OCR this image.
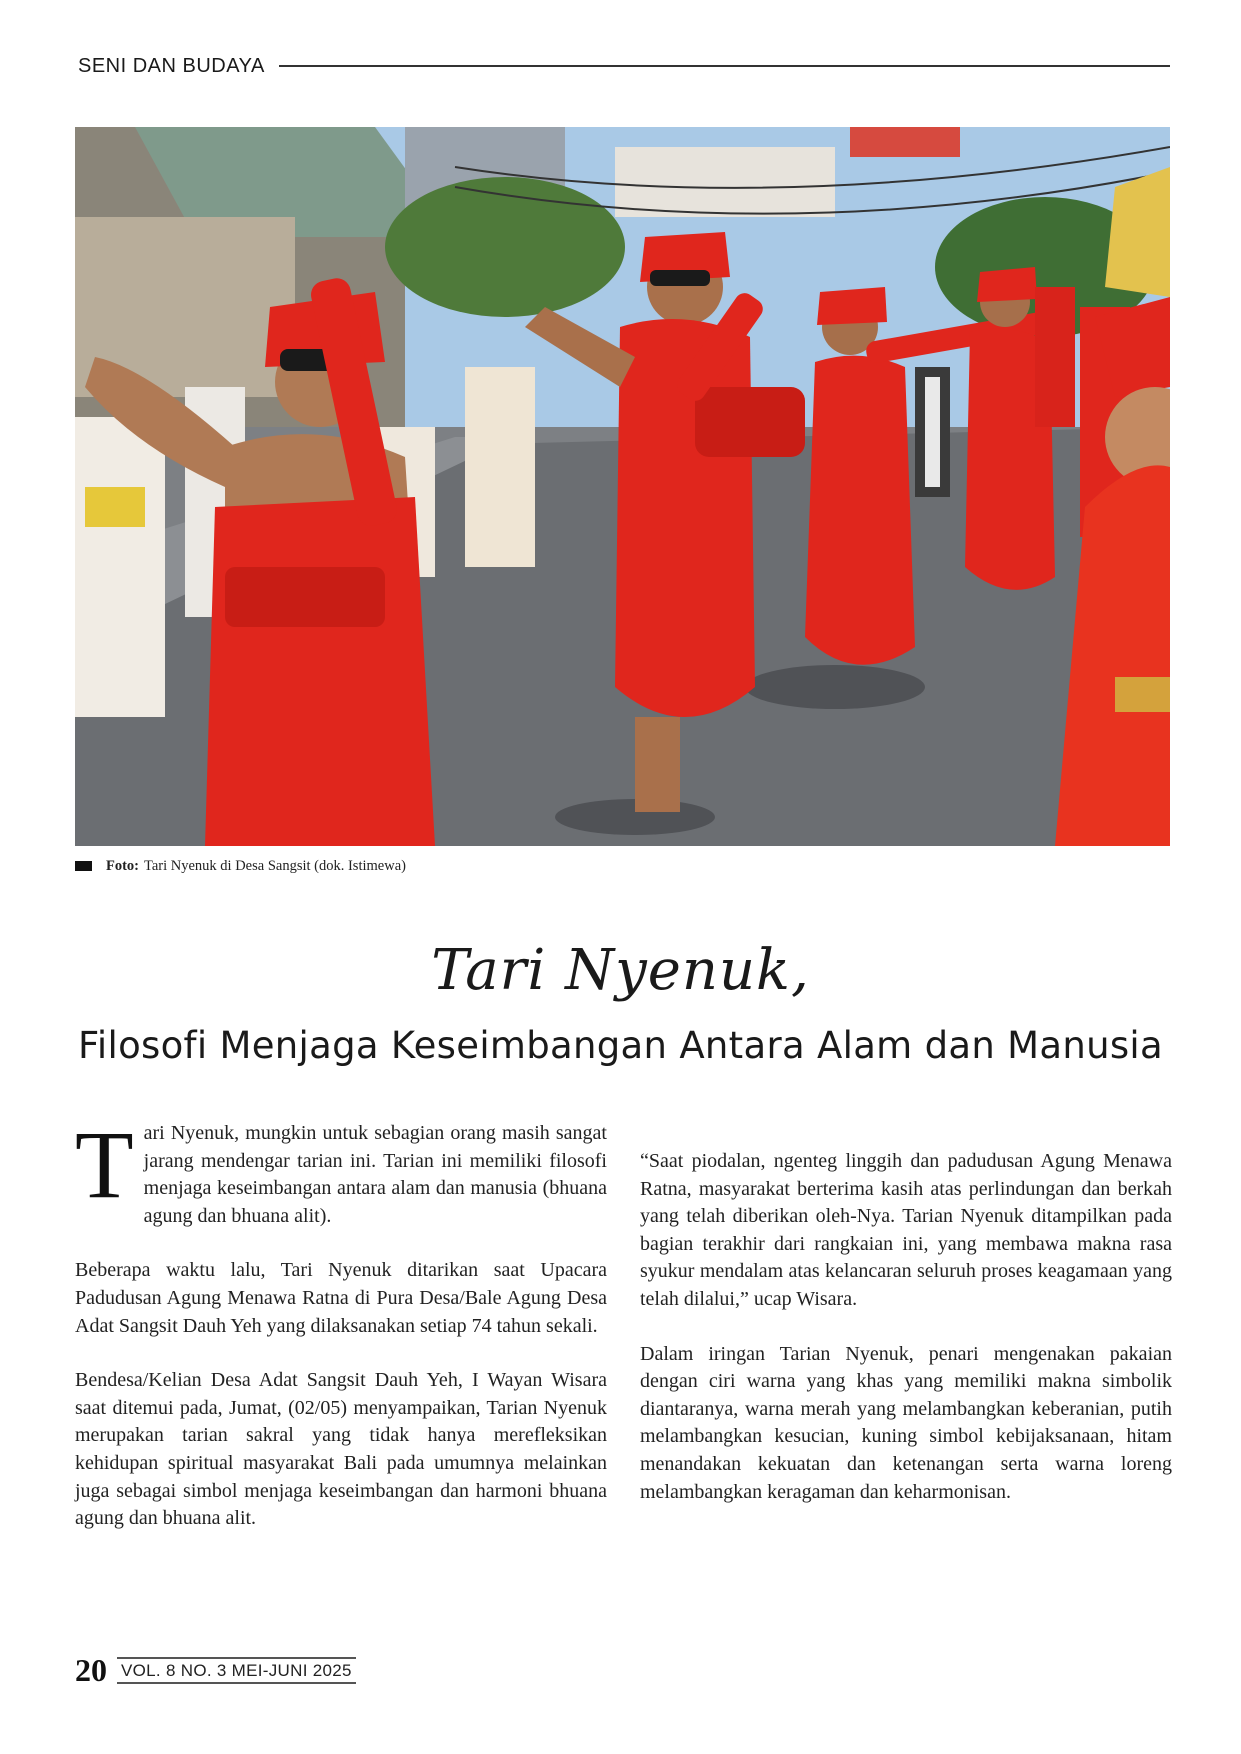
SENI DAN BUDAYA
Foto: Tari Nyenuk di Desa Sangsit (dok. Istimewa)
Tari Nyenuk,
Filosofi Menjaga Keseimbangan Antara Alam dan Manusia

Tari Nyenuk, mungkin untuk sebagian orang masih sangat jarang mendengar tarian ini. Tarian ini memiliki filosofi menjaga keseimbangan antara alam dan manusia (bhuana agung dan bhuana alit).

Beberapa waktu lalu, Tari Nyenuk ditarikan saat Upacara Padudusan Agung Menawa Ratna di Pura Desa/Bale Agung Desa Adat Sangsit Dauh Yeh yang dilaksanakan setiap 74 tahun sekali.

Bendesa/Kelian Desa Adat Sangsit Dauh Yeh, I Wayan Wisara saat ditemui pada, Jumat, (02/05) menyampaikan, Tarian Nyenuk merupakan tarian sakral yang tidak hanya merefleksikan kehidupan spiritual masyarakat Bali pada umumnya melainkan juga sebagai simbol menjaga keseimbangan dan harmoni bhuana agung dan bhuana alit.

“Saat piodalan, ngenteg linggih dan padudusan Agung Menawa Ratna, masyarakat berterima kasih atas perlindungan dan berkah yang telah diberikan oleh-Nya. Tarian Nyenuk ditampilkan pada bagian terakhir dari rangkaian ini, yang membawa makna rasa syukur mendalam atas kelancaran seluruh proses keagamaan yang telah dilalui,” ucap Wisara.

Dalam iringan Tarian Nyenuk, penari mengenakan pakaian dengan ciri warna yang khas yang memiliki makna simbolik diantaranya, warna merah yang melambangkan keberanian, putih melambangkan kesucian, kuning simbol kebijaksanaan, hitam menandakan kekuatan dan ketenangan serta warna loreng melambangkan keragaman dan keharmonisan.

20 VOL. 8 NO. 3 MEI-JUNI 2025
